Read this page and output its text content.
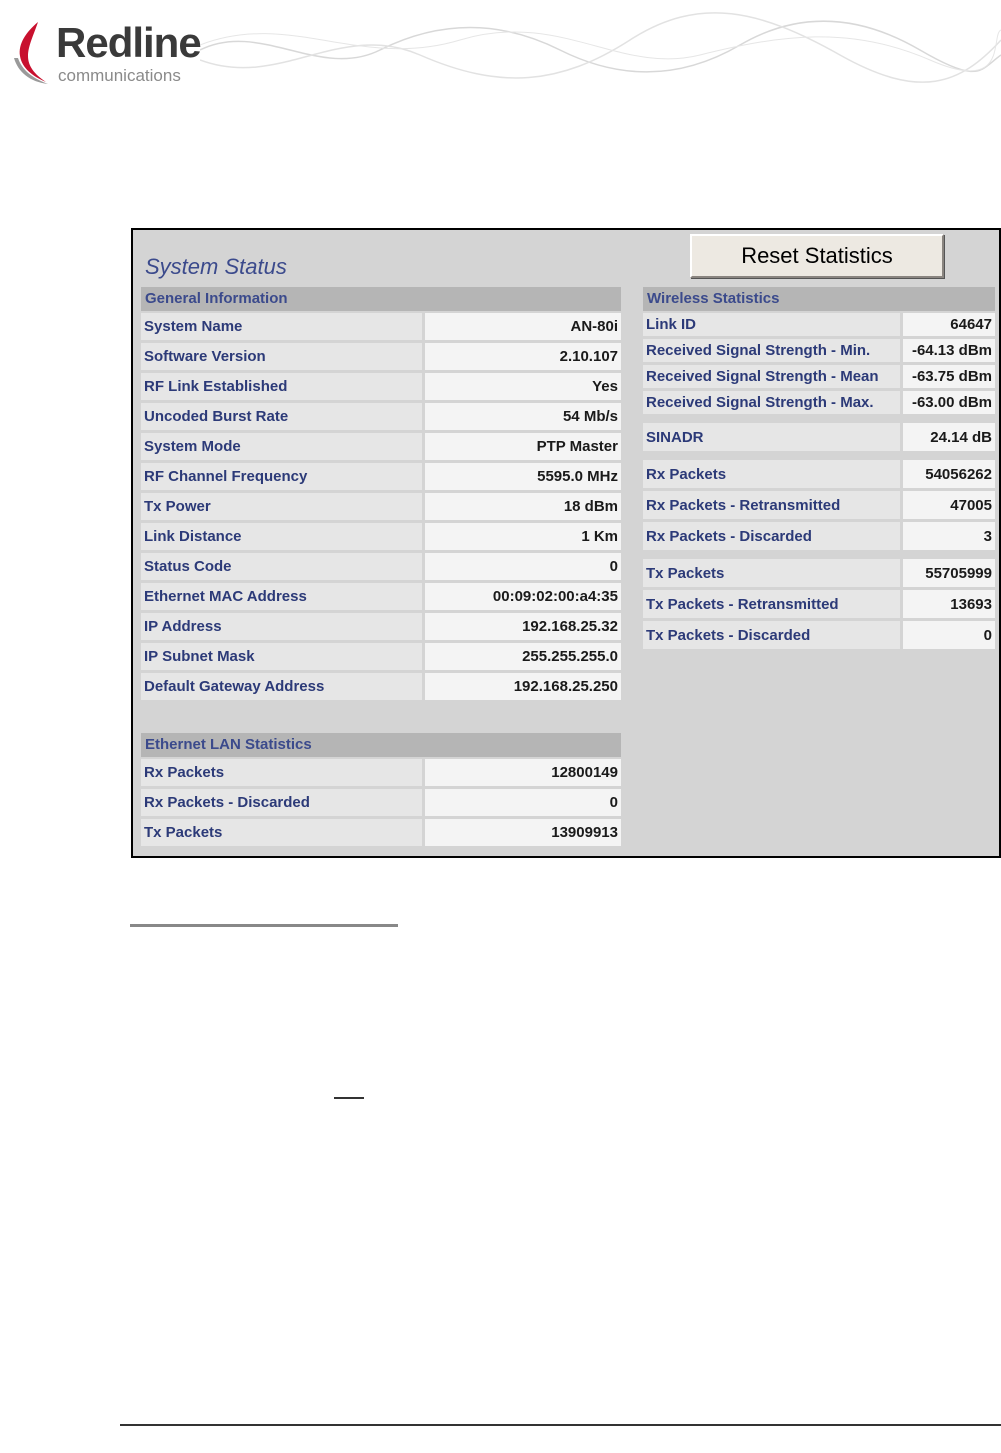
Redline
communications
System Status	Reset Statistics
General Information
System Name	AN-80i
Software Version	2.10.107
RF Link Established	Yes
Uncoded Burst Rate	54 Mb/s
System Mode	PTP Master
RF Channel Frequency	5595.0 MHz
Tx Power	18 dBm
Link Distance	1 Km
Status Code	0
Ethernet MAC Address	00:09:02:00:a4:35
IP Address	192.168.25.32
IP Subnet Mask	255.255.255.0
Default Gateway Address	192.168.25.250
Ethernet LAN Statistics
Rx Packets	12800149
Rx Packets - Discarded	0
Tx Packets	13909913
Wireless Statistics
Link ID	64647
Received Signal Strength - Min.	-64.13 dBm
Received Signal Strength - Mean	-63.75 dBm
Received Signal Strength - Max.	-63.00 dBm

SINADR	24.14 dB

Rx Packets	54056262
Rx Packets - Retransmitted	47005
Rx Packets - Discarded	3

Tx Packets	55705999
Tx Packets - Retransmitted	13693
Tx Packets - Discarded	0
